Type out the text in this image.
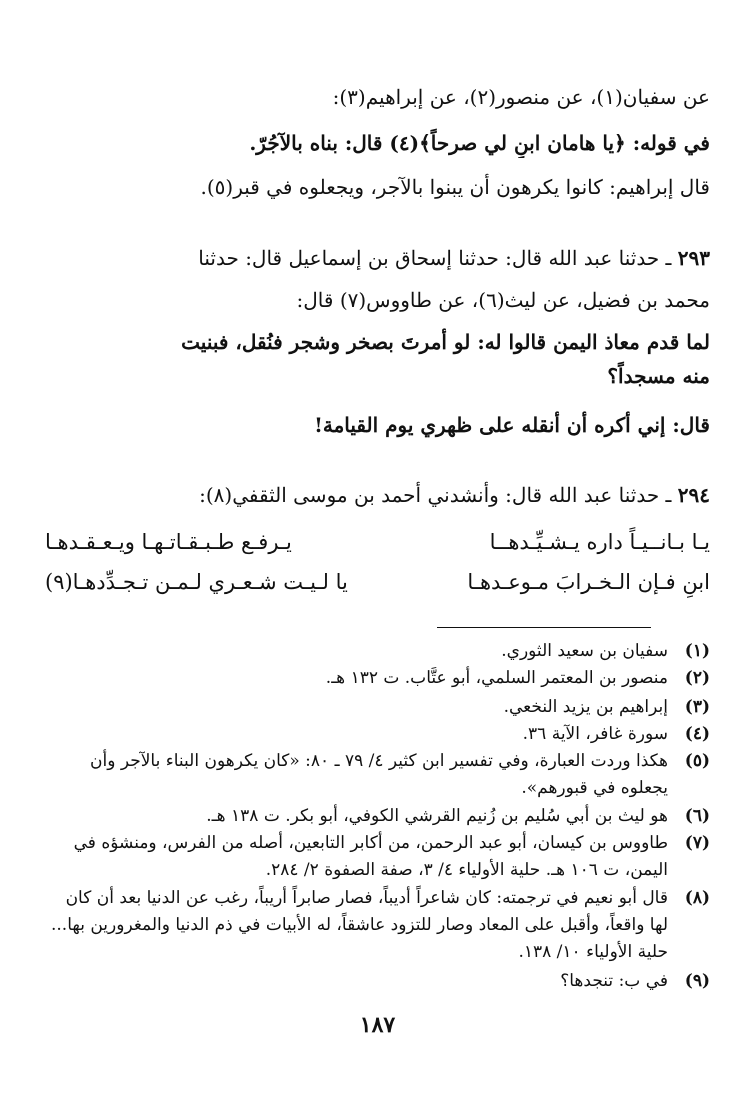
عن سفيان(١)، عن منصور(٢)، عن إبراهيم(٣):
في قوله: ﴿يا هامان ابنِ لي صرحاً﴾(٤) قال: بناه بالآجُرّ.
قال إبراهيم: كانوا يكرهون أن يبنوا بالآجر، ويجعلوه في قبر(٥).
٢٩٣ ـ حدثنا عبد الله قال: حدثنا إسحاق بن إسماعيل قال: حدثنا
محمد بن فضيل، عن ليث(٦)، عن طاووس(٧) قال:
لما قدم معاذ اليمن قالوا له: لو أمرتَ بصخر وشجر فنُقل، فبنيت
منه مسجداً؟
قال: إني أكره أن أنقله على ظهري يوم القيامة!
٢٩٤ ـ حدثنا عبد الله قال: وأنشدني أحمد بن موسى الثقفي(٨):
يـا بـانــيـاً داره يـشـيِّـدهــا
يـرفـع طـبـقـاتـهـا ويـعـقـدهـا
ابنِ فـإن الـخـرابَ مـوعـدهـا
يا لـيـت شـعـري لـمـن تـجـدِّدهـا(٩)
(١)
سفيان بن سعيد الثوري.
(٢)
منصور بن المعتمر السلمي، أبو عتَّاب. ت ١٣٢ هـ.
(٣)
إبراهيم بن يزيد النخعي.
(٤)
سورة غافر، الآية ٣٦.
(٥)
هكذا وردت العبارة، وفي تفسير ابن كثير ٤/ ٧٩ ـ ٨٠: «كان يكرهون البناء بالآجر وأن يجعلوه في قبورهم».
(٦)
هو ليث بن أبي سُليم بن زُنيم القرشي الكوفي، أبو بكر. ت ١٣٨ هـ.
(٧)
طاووس بن كيسان، أبو عبد الرحمن، من أكابر التابعين، أصله من الفرس، ومنشؤه في اليمن، ت ١٠٦ هـ. حلية الأولياء ٤/ ٣، صفة الصفوة ٢/ ٢٨٤.
(٨)
قال أبو نعيم في ترجمته: كان شاعراً أديباً، فصار صابراً أريباً، رغب عن الدنيا بعد أن كان لها واقعاً، وأقبل على المعاد وصار للتزود عاشقاً، له الأبيات في ذم الدنيا والمغرورين بها... حلية الأولياء ١٠/ ١٣٨.
(٩)
في ب: تنجدها؟
١٨٧
